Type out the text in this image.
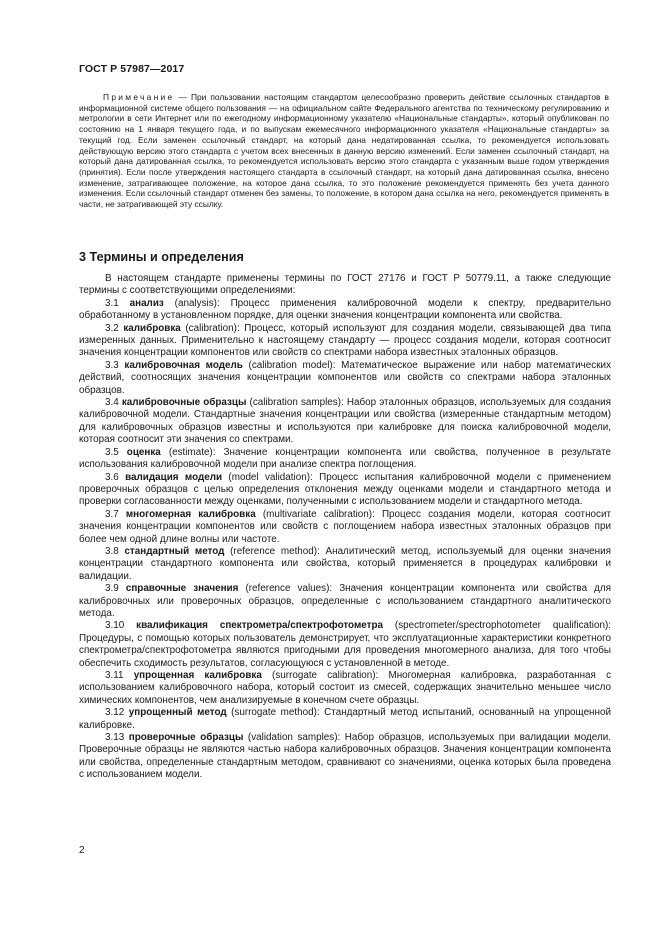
ГОСТ Р 57987—2017
Примечание — При пользовании настоящим стандартом целесообразно проверить действие ссылочных стандартов в информационной системе общего пользования — на официальном сайте Федерального агентства по техническому регулированию и метрологии в сети Интернет или по ежегодному информационному указателю «Национальные стандарты», который опубликован по состоянию на 1 января текущего года, и по выпускам ежемесячного информационного указателя «Национальные стандарты» за текущий год. Если заменен ссылочный стандарт, на который дана недатированная ссылка, то рекомендуется использовать действующую версию этого стандарта с учетом всех внесенных в данную версию изменений. Если заменен ссылочный стандарт, на который дана датированная ссылка, то рекомендуется использовать версию этого стандарта с указанным выше годом утверждения (принятия). Если после утверждения настоящего стандарта в ссылочный стандарт, на который дана датированная ссылка, внесено изменение, затрагивающее положение, на которое дана ссылка, то это положение рекомендуется применять без учета данного изменения. Если ссылочный стандарт отменен без замены, то положение, в котором дана ссылка на него, рекомендуется применять в части, не затрагивающей эту ссылку.
3 Термины и определения

В настоящем стандарте применены термины по ГОСТ 27176 и ГОСТ Р 50779.11, а также следующие термины с соответствующими определениями:

3.1 анализ (analysis): Процесс применения калибровочной модели к спектру, предварительно обработанному в установленном порядке, для оценки значения концентрации компонента или свойства.

3.2 калибровка (calibration): Процесс, который используют для создания модели, связывающей два типа измеренных данных. Применительно к настоящему стандарту — процесс создания модели, которая соотносит значения концентрации компонентов или свойств со спектрами набора известных эталонных образцов.

3.3 калибровочная модель (calibration model): Математическое выражение или набор математических действий, соотносящих значения концентрации компонентов или свойств со спектрами набора эталонных образцов.

3.4 калибровочные образцы (calibration samples): Набор эталонных образцов, используемых для создания калибровочной модели. Стандартные значения концентрации или свойства (измеренные стандартным методом) для калибровочных образцов известны и используются при калибровке для поиска калибровочной модели, которая соотносит эти значения со спектрами.

3.5 оценка (estimate): Значение концентрации компонента или свойства, полученное в результате использования калибровочной модели при анализе спектра поглощения.

3.6 валидация модели (model validation): Процесс испытания калибровочной модели с применением проверочных образцов с целью определения отклонения между оценками модели и стандартного метода и проверки согласованности между оценками, полученными с использованием модели и стандартного метода.

3.7 многомерная калибровка (multivariate calibration): Процесс создания модели, которая соотносит значения концентрации компонентов или свойств с поглощением набора известных эталонных образцов при более чем одной длине волны или частоте.

3.8 стандартный метод (reference method): Аналитический метод, используемый для оценки значения концентрации стандартного компонента или свойства, который применяется в процедурах калибровки и валидации.

3.9 справочные значения (reference values): Значения концентрации компонента или свойства для калибровочных или проверочных образцов, определенные с использованием стандартного аналитического метода.

3.10 квалификация спектрометра/спектрофотометра (spectrometer/spectrophotometer qualification): Процедуры, с помощью которых пользователь демонстрирует, что эксплуатационные характеристики конкретного спектрометра/спектрофотометра являются пригодными для проведения многомерного анализа, для того чтобы обеспечить сходимость результатов, согласующуюся с установленной в методе.

3.11 упрощенная калибровка (surrogate calibration): Многомерная калибровка, разработанная с использованием калибровочного набора, который состоит из смесей, содержащих значительно меньшее число химических компонентов, чем анализируемые в конечном счете образцы.

3.12 упрощенный метод (surrogate method): Стандартный метод испытаний, основанный на упрощенной калибровке.

3.13 проверочные образцы (validation samples): Набор образцов, используемых при валидации модели. Проверочные образцы не являются частью набора калибровочных образцов. Значения концентрации компонента или свойства, определенные стандартным методом, сравнивают со значениями, оценка которых была проведена с использованием модели.

2
